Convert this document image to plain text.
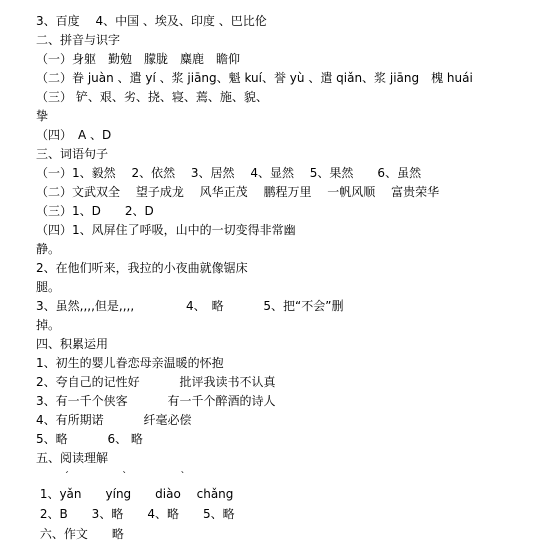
3、百度　 4、中国 、埃及、印度 、巴比伦
二、拼音与识字
（一）身躯　勤勉　朦胧　麋鹿　瞻仰
（二）眷 juàn 、遣 yí 、浆 jiāng、魁 kuí、誉 yù 、遣 qiǎn、浆 jiāng　槐 huái
（三） 铲、艰、劣、挠、寝、蔫、施、貌、
挚
（四）　A 、D
三、词语句子
（一）1、毅然　 2、依然　 3、居然　 4、显然　 5、果然　　6、虽然
（二）文武双全　 望子成龙　 风华正茂　 鹏程万里　 一帆风顺　 富贵荣华
（三）1、D　　2、D
（四）1、风屏住了呼吸，山中的一切变得非常幽
静。
2、在他们听来，我拉的小夜曲就像锯床
腿。
3、虽然,,,,但是,,,,　　　　 4、　略　　　 5、把“不会”删
掉。
四、积累运用
1、初生的婴儿眷恋母亲温暖的怀抱
2、夸自己的记性好　　　 批评我读书不认真
3、有一千个侠客　　　 有一千个醉酒的诗人
4、有所期诺　　　 纤毫必偿
5、略　　　 6、 略
五、阅读理解
ˊ　　　　　 ˋ　　　　　 ˋ
1、yǎn　　yíng　　diào　 chǎng
2、B　　3、略　　4、略　　5、略
六、作文　　略
